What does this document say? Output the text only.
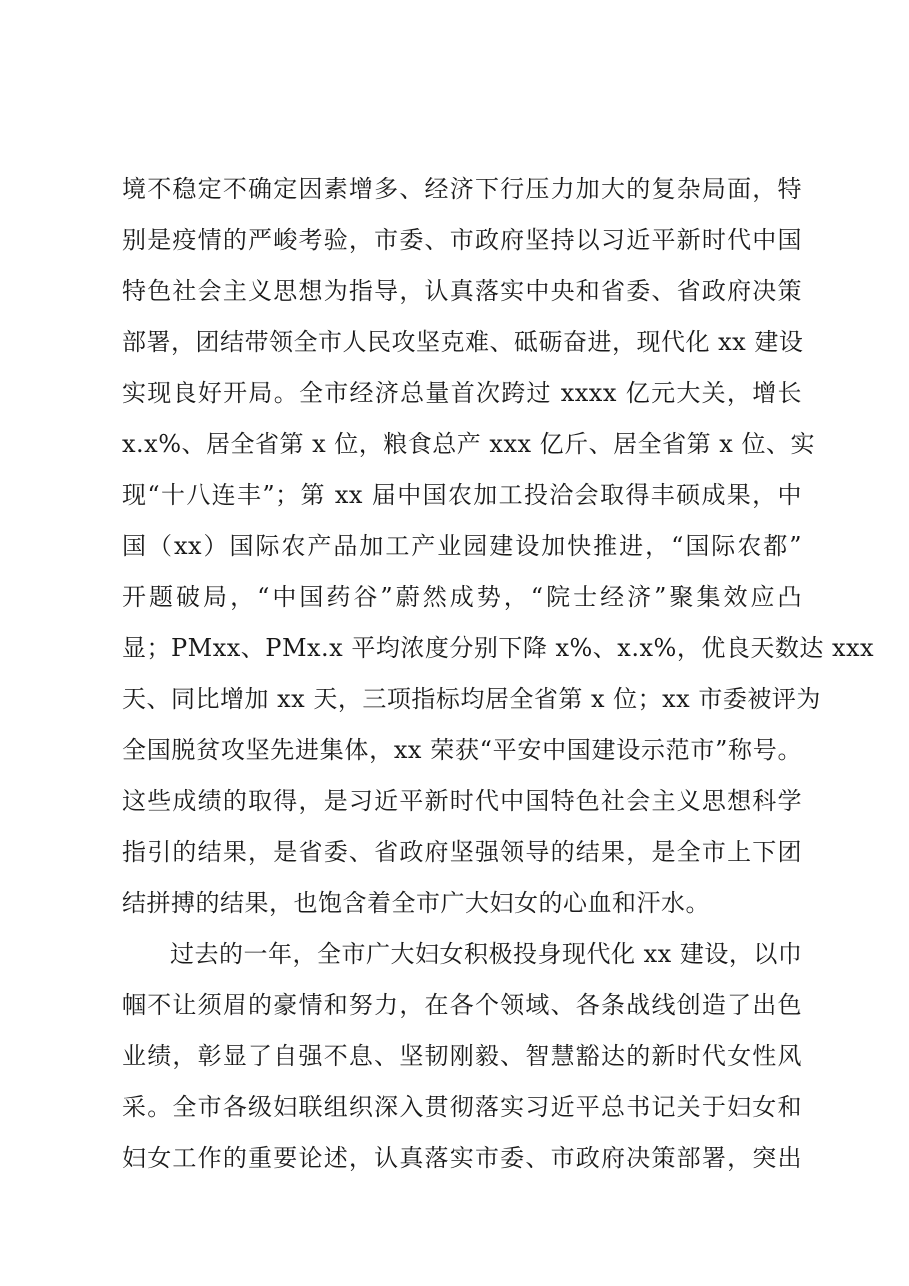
境不稳定不确定因素增多、经济下行压力加大的复杂局面，特
别是疫情的严峻考验，市委、市政府坚持以习近平新时代中国
特色社会主义思想为指导，认真落实中央和省委、省政府决策
部署，团结带领全市人民攻坚克难、砥砺奋进，现代化 xx 建设
实现良好开局。全市经济总量首次跨过 xxxx 亿元大关，增长
x.x%、居全省第 x 位，粮食总产 xxx 亿斤、居全省第 x 位、实
现“十八连丰”；第 xx 届中国农加工投洽会取得丰硕成果，中
国（xx）国际农产品加工产业园建设加快推进，“国际农都”
开题破局，“中国药谷”蔚然成势，“院士经济”聚集效应凸
显；PMxx、PMx.x 平均浓度分别下降 x%、x.x%，优良天数达 xxx
天、同比增加 xx 天，三项指标均居全省第 x 位；xx 市委被评为
全国脱贫攻坚先进集体，xx 荣获“平安中国建设示范市”称号。
这些成绩的取得，是习近平新时代中国特色社会主义思想科学
指引的结果，是省委、省政府坚强领导的结果，是全市上下团
结拼搏的结果，也饱含着全市广大妇女的心血和汗水。
过去的一年，全市广大妇女积极投身现代化 xx 建设，以巾
帼不让须眉的豪情和努力，在各个领域、各条战线创造了出色
业绩，彰显了自强不息、坚韧刚毅、智慧豁达的新时代女性风
采。全市各级妇联组织深入贯彻落实习近平总书记关于妇女和
妇女工作的重要论述，认真落实市委、市政府决策部署，突出
